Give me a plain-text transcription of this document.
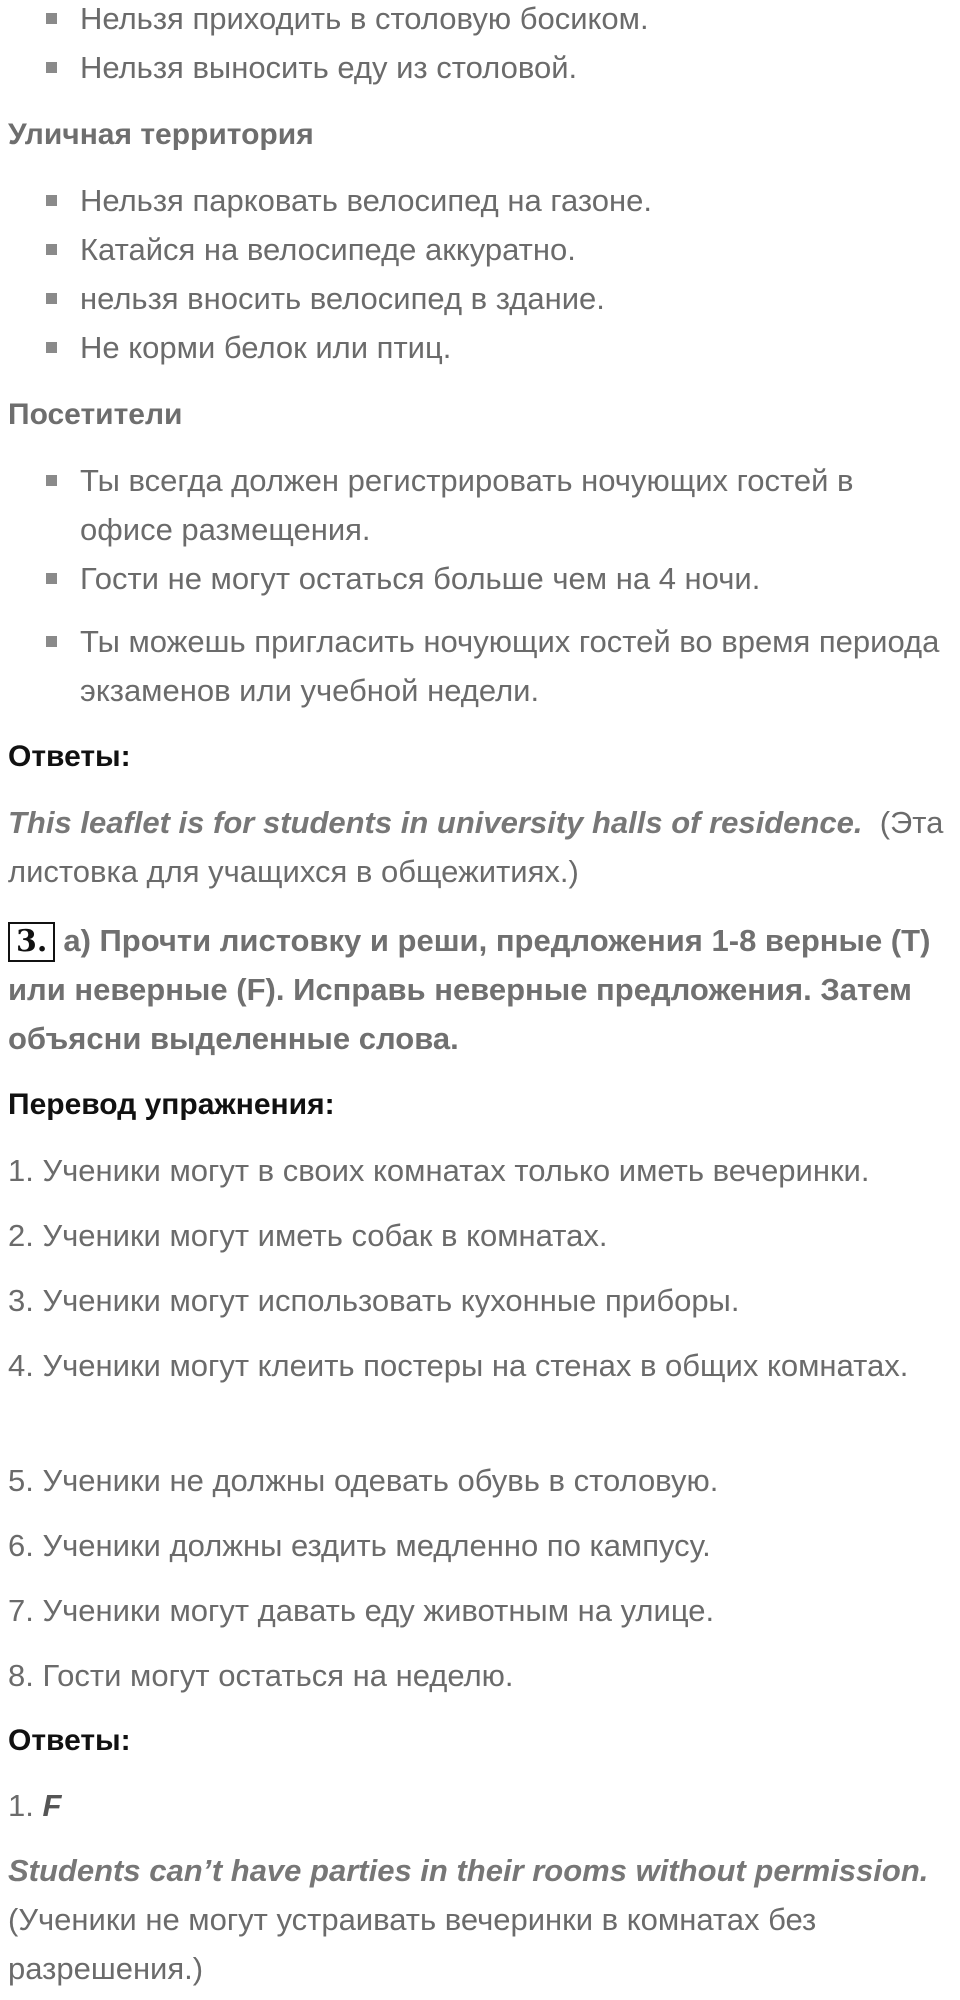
Нельзя приходить в столовую босиком.
Нельзя выносить еду из столовой.
Уличная территория
Нельзя парковать велосипед на газоне.
Катайся на велосипеде аккуратно.
нельзя вносить велосипед в здание.
Не корми белок или птиц.
Посетители
Ты всегда должен регистрировать ночующих гостей в офисе размещения.
Гости не могут остаться больше чем на 4 ночи.
Ты можешь пригласить ночующих гостей во время периода экзаменов или учебной недели.
Ответы:
This leaflet is for students in university halls of residence. (Эта листовка для учащихся в общежитиях.)
3. a) Прочти листовку и реши, предложения 1-8 верные (T) или неверные (F). Исправь неверные предложения. Затем объясни выделенные слова.
Перевод упражнения:
1. Ученики могут в своих комнатах только иметь вечеринки.
2. Ученики могут иметь собак в комнатах.
3. Ученики могут использовать кухонные приборы.
4. Ученики могут клеить постеры на стенах в общих комнатах.
5. Ученики не должны одевать обувь в столовую.
6. Ученики должны ездить медленно по кампусу.
7. Ученики могут давать еду животным на улице.
8. Гости могут остаться на неделю.
Ответы:
1. F
Students can’t have parties in their rooms without permission. (Ученики не могут устраивать вечеринки в комнатах без разрешения.)
